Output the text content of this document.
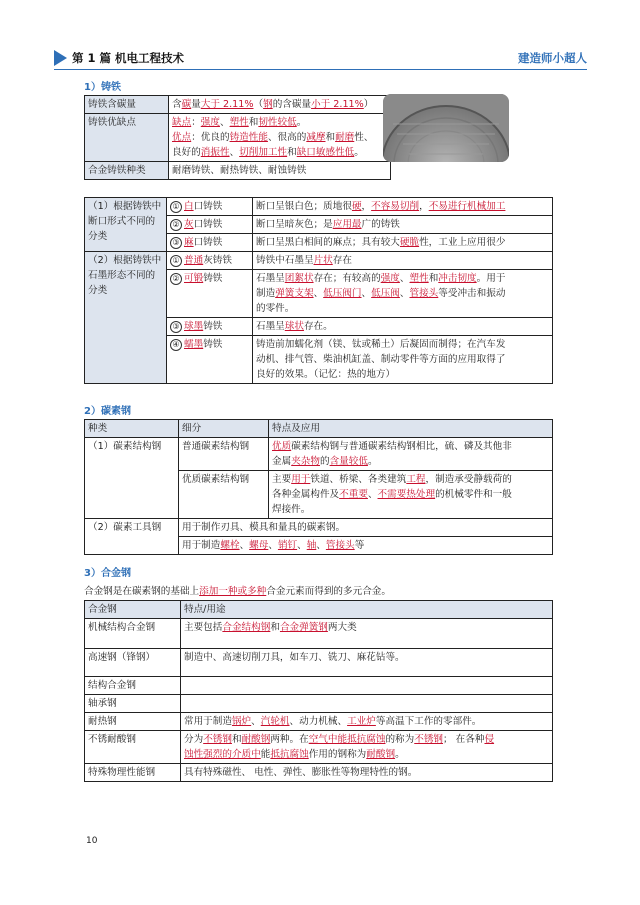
第 1 篇 机电工程技术	建造师小超人
1）铸铁
铸铁含碳量	含碳量大于 2.11%（钢的含碳量小于 2.11%）
铸铁优缺点	缺点：强度、塑性和韧性较低。
优点：优良的铸造性能、很高的减摩和耐磨性、
良好的消振性、切削加工性和缺口敏感性低。

合金铸铁种类	耐磨铸铁、耐热铸铁、耐蚀铸铁
（1）根据铸铁中断口形式不同的分类	① 白口铸铁	断口呈银白色；质地很硬，不容易切削，不易进行机械加工
	② 灰口铸铁	断口呈暗灰色；是应用最广的铸铁
	③ 麻口铸铁	断口呈黑白相间的麻点；具有较大硬脆性，工业上应用很少
（2）根据铸铁中石墨形态不同的分类	① 普通灰铸铁	铸铁中石墨呈片状存在
	② 可锻铸铁	石墨呈团絮状存在；有较高的强度、塑性和冲击韧度。用于
制造弹簧支架、低压阀门、低压阀、管接头等受冲击和振动
的零件。

	③ 球墨铸铁	石墨呈球状存在。
	④ 蠕墨铸铁	铸造前加蠕化剂（镁、钛或稀土）后凝固而制得；在汽车发
动机、排气管、柴油机缸盖、制动零件等方面的应用取得了
良好的效果。（记忆：热的地方）
2）碳素钢
种类	细分	特点及应用
（1）碳素结构钢	普通碳素结构钢	优质碳素结构钢与普通碳素结构钢相比，硫、磷及其他非
金属夹杂物的含量较低。

	优质碳素结构钢	主要用于铁道、桥梁、各类建筑工程，制造承受静载荷的
各种金属构件及不重要、不需要热处理的机械零件和一般
焊接件。

（2）碳素工具钢	用于制作刃具、模具和量具的碳素钢。	
	用于制造螺栓、螺母、销钉、轴、管接头等	
3）合金钢
合金钢是在碳素钢的基础上添加一种或多种合金元素而得到的多元合金。
合金钢	特点/用途
机械结构合金钢	主要包括合金结构钢和合金弹簧钢两大类
高速钢（锋钢）	制造中、高速切削刀具，如车刀、铣刀、麻花钻等。
结构合金钢	
轴承钢	
耐热钢	常用于制造锅炉、汽轮机、动力机械、工业炉等高温下工作的零部件。
不锈耐酸钢	分为不锈钢和耐酸钢两种。在空气中能抵抗腐蚀的称为不锈钢； 在各种侵
蚀性强烈的介质中能抵抗腐蚀作用的钢称为耐酸钢。

特殊物理性能钢	具有特殊磁性、 电性、弹性、膨胀性等物理特性的钢。
10
